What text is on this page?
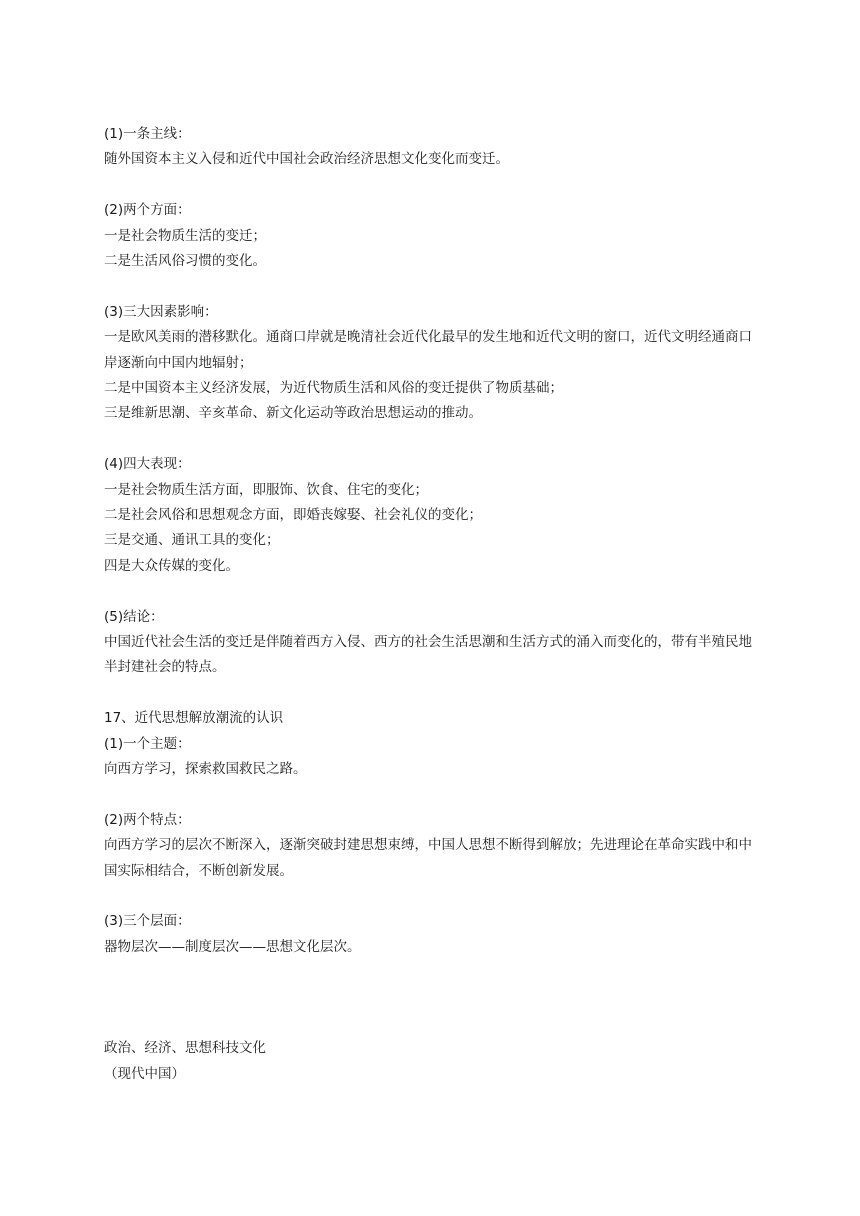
(1)一条主线：
随外国资本主义入侵和近代中国社会政治经济思想文化变化而变迁。
(2)两个方面：
一是社会物质生活的变迁；
二是生活风俗习惯的变化。
(3)三大因素影响：
一是欧风美雨的潜移默化。通商口岸就是晚清社会近代化最早的发生地和近代文明的窗口，近代文明经通商口岸逐渐向中国内地辐射；
二是中国资本主义经济发展，为近代物质生活和风俗的变迁提供了物质基础；
三是维新思潮、辛亥革命、新文化运动等政治思想运动的推动。
(4)四大表现：
一是社会物质生活方面，即服饰、饮食、住宅的变化；
二是社会风俗和思想观念方面，即婚丧嫁娶、社会礼仪的变化；
三是交通、通讯工具的变化；
四是大众传媒的变化。
(5)结论：
中国近代社会生活的变迁是伴随着西方入侵、西方的社会生活思潮和生活方式的涌入而变化的，带有半殖民地半封建社会的特点。
17、近代思想解放潮流的认识
(1)一个主题：
向西方学习，探索救国救民之路。
(2)两个特点：
向西方学习的层次不断深入，逐渐突破封建思想束缚，中国人思想不断得到解放；先进理论在革命实践中和中国实际相结合，不断创新发展。
(3)三个层面：
器物层次——制度层次——思想文化层次。
政治、经济、思想科技文化
（现代中国）
